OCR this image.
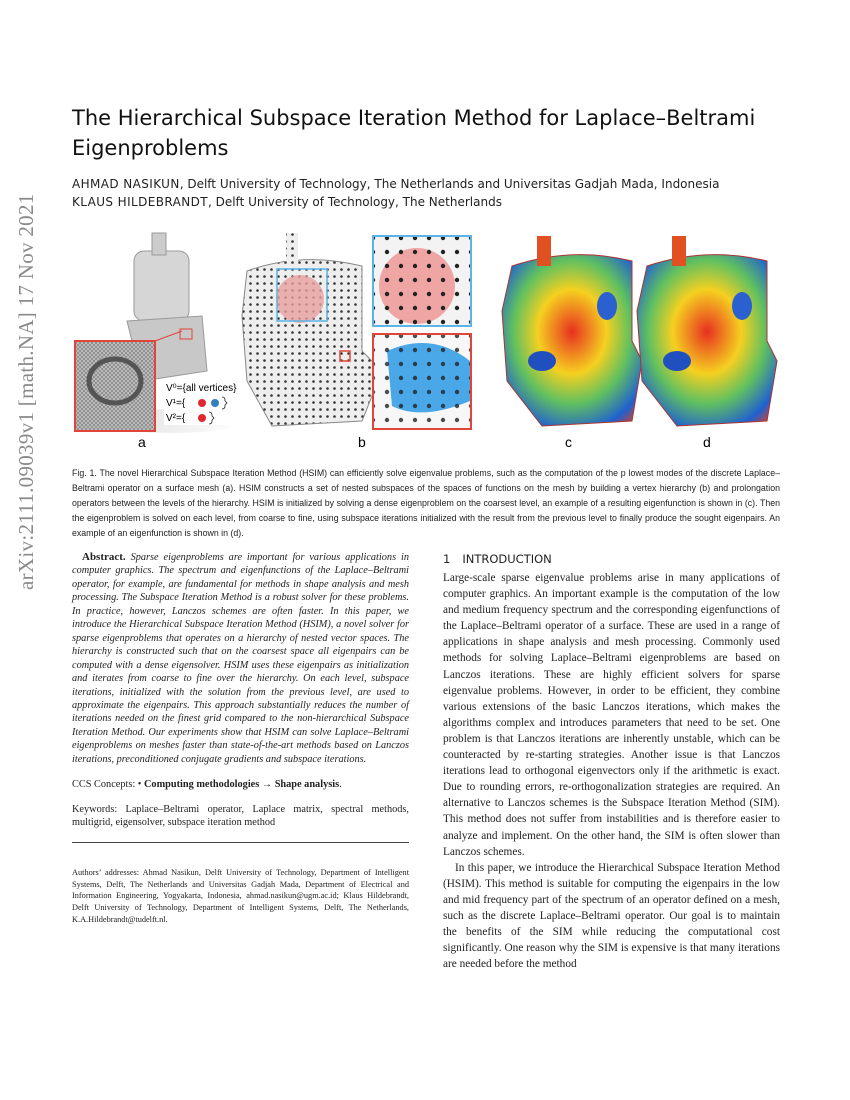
arXiv:2111.09039v1 [math.NA] 17 Nov 2021
The Hierarchical Subspace Iteration Method for Laplace–Beltrami Eigenproblems
AHMAD NASIKUN, Delft University of Technology, The Netherlands and Universitas Gadjah Mada, Indonesia
KLAUS HILDEBRANDT, Delft University of Technology, The Netherlands
V⁰={all vertices}
V¹={
V²={
a	b	c	d
Fig. 1. The novel Hierarchical Subspace Iteration Method (HSIM) can efficiently solve eigenvalue problems, such as the computation of the p lowest modes of the discrete Laplace–Beltrami operator on a surface mesh (a). HSIM constructs a set of nested subspaces of the spaces of functions on the mesh by building a vertex hierarchy (b) and prolongation operators between the levels of the hierarchy. HSIM is initialized by solving a dense eigenproblem on the coarsest level, an example of a resulting eigenfunction is shown in (c). Then the eigenproblem is solved on each level, from coarse to fine, using subspace iterations initialized with the result from the previous level to finally produce the sought eigenpairs. An example of an eigenfunction is shown in (d).

Abstract. Sparse eigenproblems are important for various applications in computer graphics. The spectrum and eigenfunctions of the Laplace–Beltrami operator, for example, are fundamental for methods in shape analysis and mesh processing. The Subspace Iteration Method is a robust solver for these problems. In practice, however, Lanczos schemes are often faster. In this paper, we introduce the Hierarchical Subspace Iteration Method (HSIM), a novel solver for sparse eigenproblems that operates on a hierarchy of nested vector spaces. The hierarchy is constructed such that on the coarsest space all eigenpairs can be computed with a dense eigensolver. HSIM uses these eigenpairs as initialization and iterates from coarse to fine over the hierarchy. On each level, subspace iterations, initialized with the solution from the previous level, are used to approximate the eigenpairs. This approach substantially reduces the number of iterations needed on the finest grid compared to the non-hierarchical Subspace Iteration Method. Our experiments show that HSIM can solve Laplace–Beltrami eigenproblems on meshes faster than state-of-the-art methods based on Lanczos iterations, preconditioned conjugate gradients and subspace iterations.

CCS Concepts: • Computing methodologies → Shape analysis.
Keywords: Laplace–Beltrami operator, Laplace matrix, spectral methods, multigrid, eigensolver, subspace iteration method
Authors’ addresses: Ahmad Nasikun, Delft University of Technology, Department of Intelligent Systems, Delft, The Netherlands and Universitas Gadjah Mada, Department of Electrical and Information Engineering, Yogyakarta, Indonesia, ahmad.nasikun@ugm.ac.id; Klaus Hildebrandt, Delft University of Technology, Department of Intelligent Systems, Delft, The Netherlands, K.A.Hildebrandt@tudelft.nl.
1 INTRODUCTION

Large-scale sparse eigenvalue problems arise in many applications of computer graphics. An important example is the computation of the low and medium frequency spectrum and the corresponding eigenfunctions of the Laplace–Beltrami operator of a surface. These are used in a range of applications in shape analysis and mesh processing. Commonly used methods for solving Laplace–Beltrami eigenproblems are based on Lanczos iterations. These are highly efficient solvers for sparse eigenvalue problems. However, in order to be efficient, they combine various extensions of the basic Lanczos iterations, which makes the algorithms complex and introduces parameters that need to be set. One problem is that Lanczos iterations are inherently unstable, which can be counteracted by re-starting strategies. Another issue is that Lanczos iterations lead to orthogonal eigenvectors only if the arithmetic is exact. Due to rounding errors, re-orthogonalization strategies are required. An alternative to Lanczos schemes is the Subspace Iteration Method (SIM). This method does not suffer from instabilities and is therefore easier to analyze and implement. On the other hand, the SIM is often slower than Lanczos schemes.

In this paper, we introduce the Hierarchical Subspace Iteration Method (HSIM). This method is suitable for computing the eigenpairs in the low and mid frequency part of the spectrum of an operator defined on a mesh, such as the discrete Laplace–Beltrami operator. Our goal is to maintain the benefits of the SIM while reducing the computational cost significantly. One reason why the SIM is expensive is that many iterations are needed before the method
